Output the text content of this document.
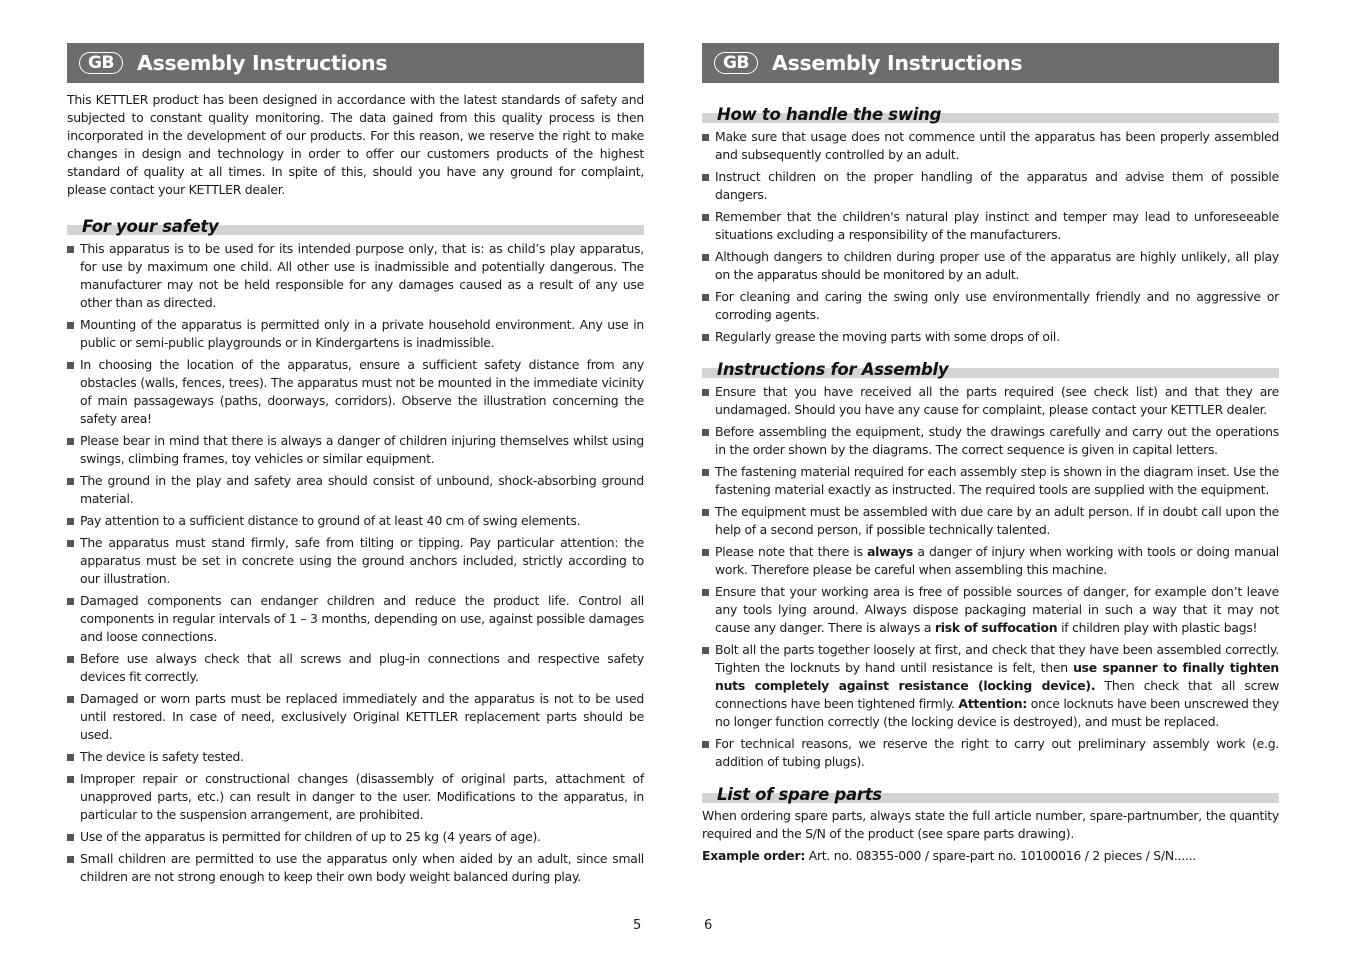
GB	Assembly Instructions

This KETTLER product has been designed in accordance with the latest standards of safety and subjected to constant quality monitoring. The data gained from this quality process is then incorporated in the development of our products. For this reason, we reserve the right to make changes in design and technology in order to offer our customers products of the highest standard of quality at all times. In spite of this, should you have any ground for complaint, please contact your KETTLER dealer.

For your safety
This apparatus is to be used for its intended purpose only, that is: as child’s play apparatus, for use by maximum one child. All other use is inadmissible and potentially dangerous. The manufacturer may not be held responsible for any damages caused as a result of any use other than as directed.
Mounting of the apparatus is permitted only in a private household environment. Any use in public or semi-public playgrounds or in Kindergartens is inadmissible.
In choosing the location of the apparatus, ensure a sufficient safety distance from any obstacles (walls, fences, trees). The apparatus must not be mounted in the immediate vicinity of main passageways (paths, doorways, corridors). Observe the illustration concerning the safety area!
Please bear in mind that there is always a danger of children injuring themselves whilst using swings, climbing frames, toy vehicles or similar equipment.
The ground in the play and safety area should consist of unbound, shock-absorbing ground material.
Pay attention to a sufficient distance to ground of at least 40 cm of swing elements.
The apparatus must stand firmly, safe from tilting or tipping. Pay particular attention: the apparatus must be set in concrete using the ground anchors included, strictly according to our illustration.
Damaged components can endanger children and reduce the product life. Control all components in regular intervals of 1 – 3 months, depending on use, against possible damages and loose connections.
Before use always check that all screws and plug-in connections and respective safety devices fit correctly.
Damaged or worn parts must be replaced immediately and the apparatus is not to be used until restored. In case of need, exclusively Original KETTLER replacement parts should be used.
The device is safety tested.
Improper repair or constructional changes (disassembly of original parts, attachment of unapproved parts, etc.) can result in danger to the user. Modifications to the apparatus, in particular to the suspension arrangement, are prohibited.
Use of the apparatus is permitted for children of up to 25 kg (4 years of age).
Small children are permitted to use the apparatus only when aided by an adult, since small children are not strong enough to keep their own body weight balanced during play.
5
GB	Assembly Instructions
How to handle the swing
Make sure that usage does not commence until the apparatus has been properly assembled and subsequently controlled by an adult.
Instruct children on the proper handling of the apparatus and advise them of possible dangers.
Remember that the children's natural play instinct and temper may lead to unforeseeable situations excluding a responsibility of the manufacturers.
Although dangers to children during proper use of the apparatus are highly unlikely, all play on the apparatus should be monitored by an adult.
For cleaning and caring the swing only use environmentally friendly and no aggressive or corroding agents.
Regularly grease the moving parts with some drops of oil.
Instructions for Assembly
Ensure that you have received all the parts required (see check list) and that they are undamaged. Should you have any cause for complaint, please contact your KETTLER dealer.
Before assembling the equipment, study the drawings carefully and carry out the operations in the order shown by the diagrams. The correct sequence is given in capital letters.
The fastening material required for each assembly step is shown in the diagram inset. Use the fastening material exactly as instructed. The required tools are supplied with the equipment.
The equipment must be assembled with due care by an adult person. If in doubt call upon the help of a second person, if possible technically talented.
Please note that there is always a danger of injury when working with tools or doing manual work. Therefore please be careful when assembling this machine.
Ensure that your working area is free of possible sources of danger, for example don’t leave any tools lying around. Always dispose packaging material in such a way that it may not cause any danger. There is always a risk of suffocation if children play with plastic bags!
Bolt all the parts together loosely at first, and check that they have been assembled correctly. Tighten the locknuts by hand until resistance is felt, then use spanner to finally tighten nuts completely against resistance (locking device). Then check that all screw connections have been tightened firmly. Attention: once locknuts have been unscrewed they no longer function correctly (the locking device is destroyed), and must be replaced.
For technical reasons, we reserve the right to carry out preliminary assembly work (e.g. addition of tubing plugs).
List of spare parts

When ordering spare parts, always state the full article number, spare-partnumber, the quantity required and the S/N of the product (see spare parts drawing).

Example order: Art. no. 08355-000 / spare-part no. 10100016 / 2 pieces / S/N......

6
